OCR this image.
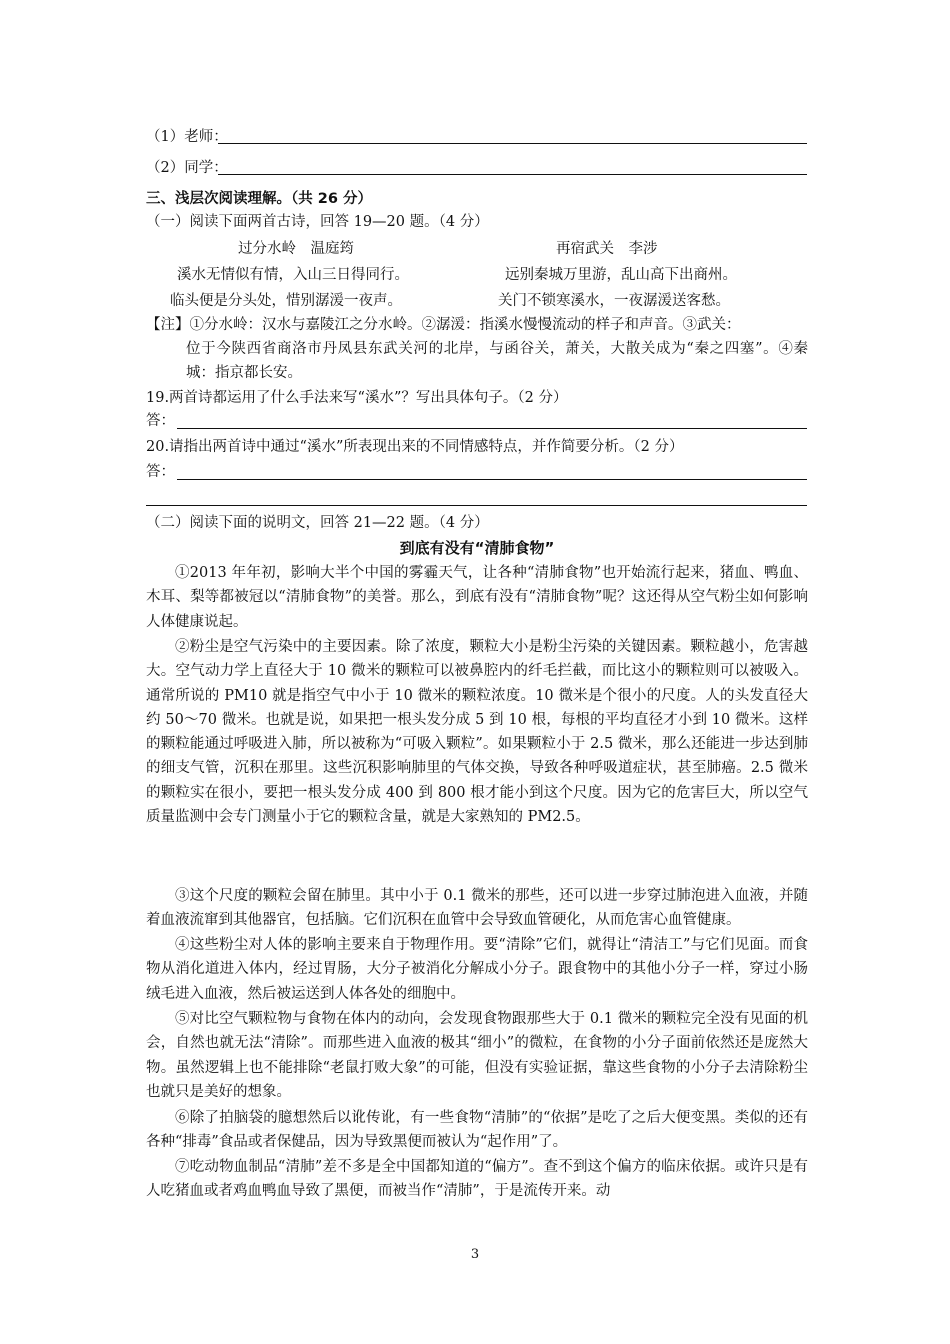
（1）老师：
（2）同学：
三、浅层次阅读理解。（共 26 分）
（一）阅读下面两首古诗，回答 19—20 题。（4 分）
过分水岭　温庭筠	再宿武关　李涉
溪水无情似有情，入山三日得同行。	远别秦城万里游，乱山高下出商州。
临头便是分头处，惜别潺湲一夜声。	关门不锁寒溪水，一夜潺湲送客愁。
【注】①分水岭：汉水与嘉陵江之分水岭。②潺湲：指溪水慢慢流动的样子和声音。③武关：
位于今陕西省商洛市丹凤县东武关河的北岸，与函谷关，萧关，大散关成为“秦之四塞”。④秦城：指京都长安。
19.两首诗都运用了什么手法来写“溪水”？写出具体句子。（2 分）
答：
20.请指出两首诗中通过“溪水”所表现出来的不同情感特点，并作简要分析。（2 分）
答：
（二）阅读下面的说明文，回答 21—22 题。（4 分）
到底有没有“清肺食物”
①2013 年年初，影响大半个中国的雾霾天气，让各种“清肺食物”也开始流行起来，猪血、鸭血、木耳、梨等都被冠以“清肺食物”的美誉。那么，到底有没有“清肺食物”呢？这还得从空气粉尘如何影响人体健康说起。
②粉尘是空气污染中的主要因素。除了浓度，颗粒大小是粉尘污染的关键因素。颗粒越小，危害越大。空气动力学上直径大于 10 微米的颗粒可以被鼻腔内的纤毛拦截，而比这小的颗粒则可以被吸入。通常所说的 PM10 就是指空气中小于 10 微米的颗粒浓度。10 微米是个很小的尺度。人的头发直径大约 50～70 微米。也就是说，如果把一根头发分成 5 到 10 根，每根的平均直径才小到 10 微米。这样的颗粒能通过呼吸进入肺，所以被称为“可吸入颗粒”。如果颗粒小于 2.5 微米，那么还能进一步达到肺的细支气管，沉积在那里。这些沉积影响肺里的气体交换，导致各种呼吸道症状，甚至肺癌。2.5 微米的颗粒实在很小，要把一根头发分成 400 到 800 根才能小到这个尺度。因为它的危害巨大，所以空气质量监测中会专门测量小于它的颗粒含量，就是大家熟知的 PM2.5。
③这个尺度的颗粒会留在肺里。其中小于 0.1 微米的那些，还可以进一步穿过肺泡进入血液，并随着血液流窜到其他器官，包括脑。它们沉积在血管中会导致血管硬化，从而危害心血管健康。
④这些粉尘对人体的影响主要来自于物理作用。要“清除”它们，就得让“清洁工”与它们见面。而食物从消化道进入体内，经过胃肠，大分子被消化分解成小分子。跟食物中的其他小分子一样，穿过小肠绒毛进入血液，然后被运送到人体各处的细胞中。
⑤对比空气颗粒物与食物在体内的动向，会发现食物跟那些大于 0.1 微米的颗粒完全没有见面的机会，自然也就无法“清除”。而那些进入血液的极其“细小”的微粒，在食物的小分子面前依然还是庞然大物。虽然逻辑上也不能排除“老鼠打败大象”的可能，但没有实验证据，靠这些食物的小分子去清除粉尘也就只是美好的想象。
⑥除了拍脑袋的臆想然后以讹传讹，有一些食物“清肺”的“依据”是吃了之后大便变黑。类似的还有各种“排毒”食品或者保健品，因为导致黑便而被认为“起作用”了。
⑦吃动物血制品“清肺”差不多是全中国都知道的“偏方”。查不到这个偏方的临床依据。或许只是有人吃猪血或者鸡血鸭血导致了黑便，而被当作“清肺”，于是流传开来。动
3
